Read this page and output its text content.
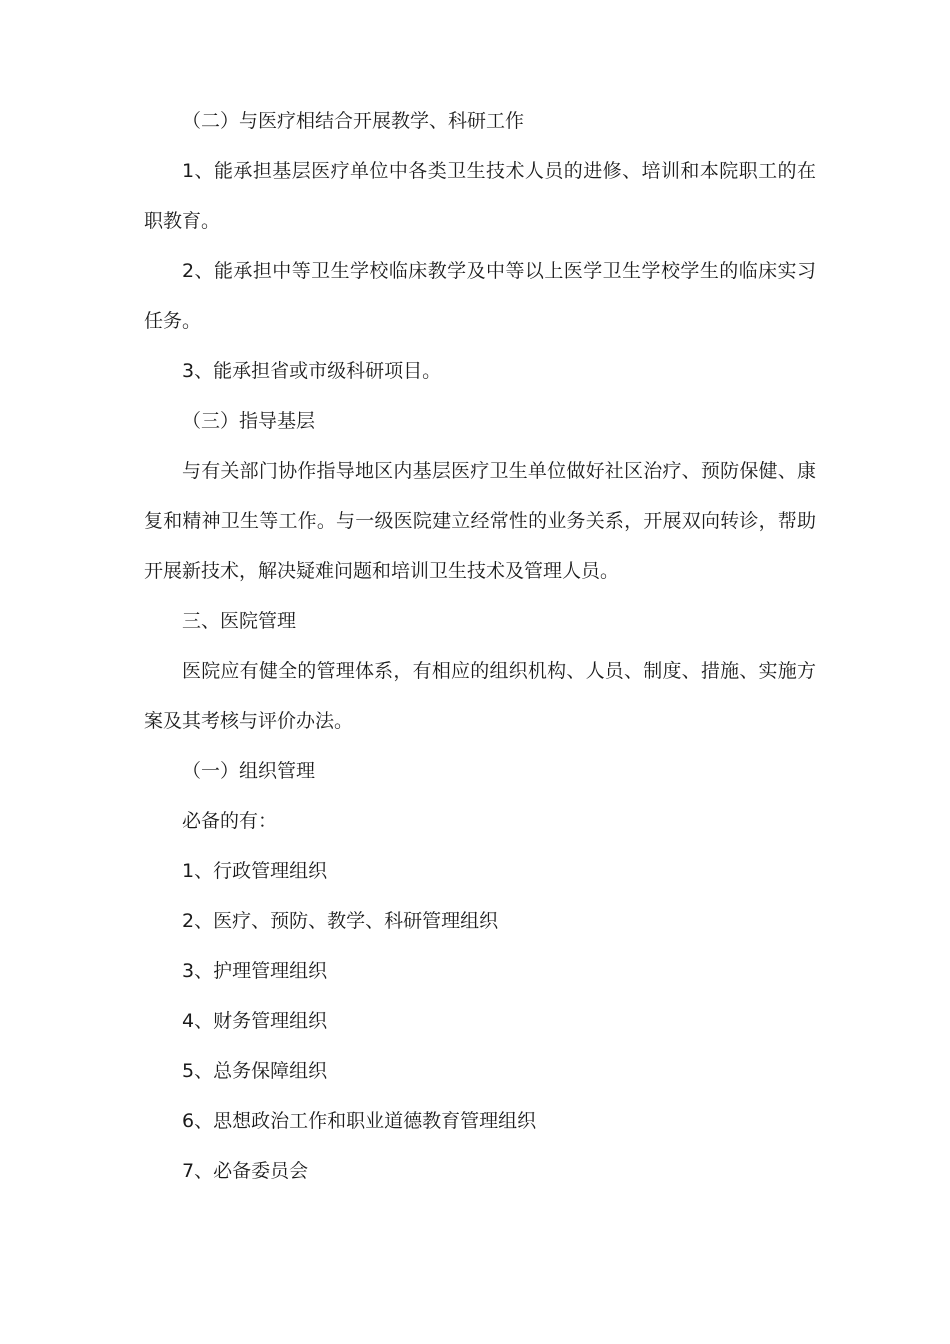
（二）与医疗相结合开展教学、科研工作

1、能承担基层医疗单位中各类卫生技术人员的进修、培训和本院职工的在职教育。

2、能承担中等卫生学校临床教学及中等以上医学卫生学校学生的临床实习任务。

3、能承担省或市级科研项目。

（三）指导基层

与有关部门协作指导地区内基层医疗卫生单位做好社区治疗、预防保健、康复和精神卫生等工作。与一级医院建立经常性的业务关系，开展双向转诊，帮助开展新技术，解决疑难问题和培训卫生技术及管理人员。

三、医院管理

医院应有健全的管理体系，有相应的组织机构、人员、制度、措施、实施方案及其考核与评价办法。

（一）组织管理

必备的有：

1、行政管理组织

2、医疗、预防、教学、科研管理组织

3、护理管理组织

4、财务管理组织

5、总务保障组织

6、思想政治工作和职业道德教育管理组织

7、必备委员会
